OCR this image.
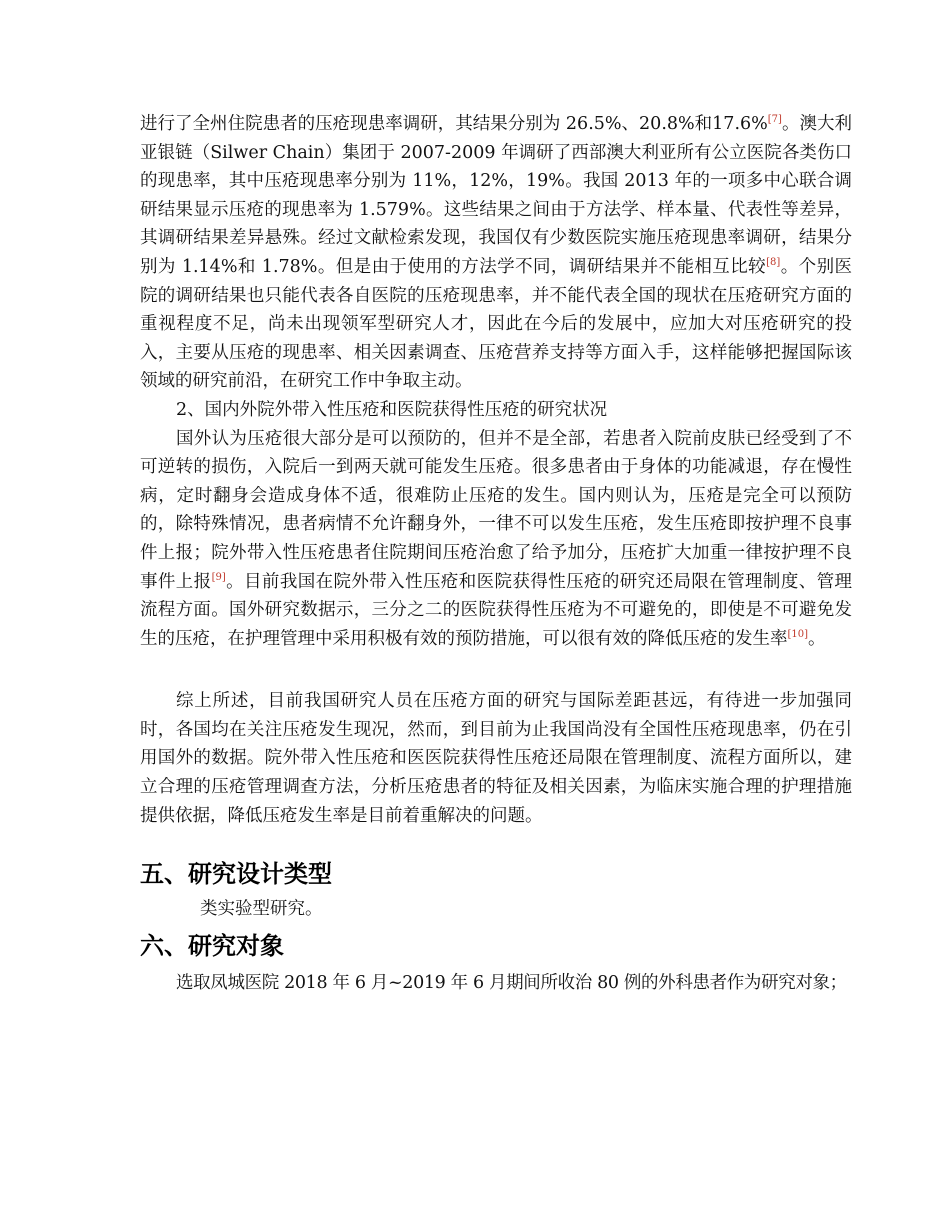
进行了全州住院患者的压疮现患率调研，其结果分别为 26.5%、20.8%和17.6%[7]。澳大利亚银链（Silwer Chain）集团于 2007-2009 年调研了西部澳大利亚所有公立医院各类伤口的现患率，其中压疮现患率分别为 11%，12%，19%。我国 2013 年的一项多中心联合调研结果显示压疮的现患率为 1.579%。这些结果之间由于方法学、样本量、代表性等差异，其调研结果差异悬殊。经过文献检索发现，我国仅有少数医院实施压疮现患率调研，结果分别为 1.14%和 1.78%。但是由于使用的方法学不同，调研结果并不能相互比较[8]。个别医院的调研结果也只能代表各自医院的压疮现患率，并不能代表全国的现状在压疮研究方面的重视程度不足，尚未出现领军型研究人才，因此在今后的发展中，应加大对压疮研究的投入，主要从压疮的现患率、相关因素调查、压疮营养支持等方面入手，这样能够把握国际该领域的研究前沿，在研究工作中争取主动。

2、国内外院外带入性压疮和医院获得性压疮的研究状况

国外认为压疮很大部分是可以预防的，但并不是全部，若患者入院前皮肤已经受到了不可逆转的损伤，入院后一到两天就可能发生压疮。很多患者由于身体的功能减退，存在慢性病，定时翻身会造成身体不适，很难防止压疮的发生。国内则认为，压疮是完全可以预防的，除特殊情况，患者病情不允许翻身外，一律不可以发生压疮，发生压疮即按护理不良事件上报；院外带入性压疮患者住院期间压疮治愈了给予加分，压疮扩大加重一律按护理不良事件上报[9]。目前我国在院外带入性压疮和医院获得性压疮的研究还局限在管理制度、管理流程方面。国外研究数据示，三分之二的医院获得性压疮为不可避免的，即使是不可避免发生的压疮，在护理管理中采用积极有效的预防措施，可以很有效的降低压疮的发生率[10]。

综上所述，目前我国研究人员在压疮方面的研究与国际差距甚远，有待进一步加强同时，各国均在关注压疮发生现况，然而，到目前为止我国尚没有全国性压疮现患率，仍在引用国外的数据。院外带入性压疮和医医院获得性压疮还局限在管理制度、流程方面所以，建立合理的压疮管理调查方法，分析压疮患者的特征及相关因素，为临床实施合理的护理措施提供依据，降低压疮发生率是目前着重解决的问题。

五、研究设计类型

类实验型研究。

六、研究对象

选取凤城医院 2018 年 6 月~2019 年 6 月期间所收治 80 例的外科患者作为研究对象；
